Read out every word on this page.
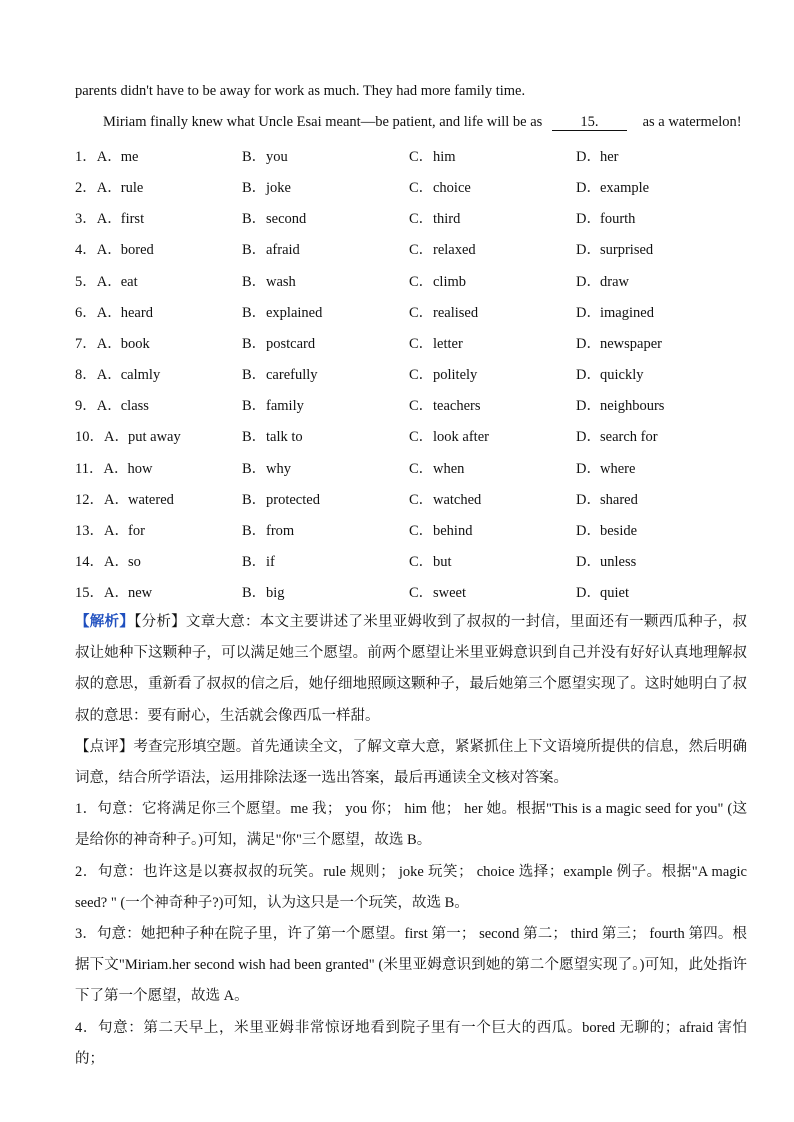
parents didn't have to be away for work as much. They had more family time.
Miriam finally knew what Uncle Esai meant—be patient, and life will be as	15.	as a watermelon!
1．A．me	B．you	C．him	D．her
2．A．rule	B．joke	C．choice	D．example
3．A．first	B．second	C．third	D．fourth
4．A．bored	B．afraid	C．relaxed	D．surprised
5．A．eat	B．wash	C．climb	D．draw
6．A．heard	B．explained	C．realised	D．imagined
7．A．book	B．postcard	C．letter	D．newspaper
8．A．calmly	B．carefully	C．politely	D．quickly
9．A．class	B．family	C．teachers	D．neighbours
10．A．put away	B．talk to	C．look after	D．search for
11．A．how	B．why	C．when	D．where
12．A．watered	B．protected	C．watched	D．shared
13．A．for	B．from	C．behind	D．beside
14．A．so	B．if	C．but	D．unless
15．A．new	B．big	C．sweet	D．quiet
【解析】【分析】文章大意：本文主要讲述了米里亚姆收到了叔叔的一封信，里面还有一颗西瓜种子，叔叔让她种下这颗种子，可以满足她三个愿望。前两个愿望让米里亚姆意识到自己并没有好好认真地理解叔叔的意思，重新看了叔叔的信之后，她仔细地照顾这颗种子，最后她第三个愿望实现了。这时她明白了叔叔的意思：要有耐心，生活就会像西瓜一样甜。
【点评】考查完形填空题。首先通读全文，了解文章大意，紧紧抓住上下文语境所提供的信息，然后明确词意，结合所学语法，运用排除法逐一选出答案，最后再通读全文核对答案。
1．句意：它将满足你三个愿望。me 我； you 你； him 他； her 她。根据"This is a magic seed for you" (这是给你的神奇种子。)可知，满足"你"三个愿望，故选 B。
2．句意：也许这是以赛叔叔的玩笑。rule 规则； joke 玩笑； choice 选择；example 例子。根据"A magic seed? " (一个神奇种子?)可知，认为这只是一个玩笑，故选 B。
3．句意：她把种子种在院子里，许了第一个愿望。first 第一； second 第二； third 第三； fourth 第四。根据下文"Miriam.her second wish had been granted" (米里亚姆意识到她的第二个愿望实现了。)可知，此处指许下了第一个愿望，故选 A。
4．句意：第二天早上，米里亚姆非常惊讶地看到院子里有一个巨大的西瓜。bored 无聊的；afraid 害怕的；
